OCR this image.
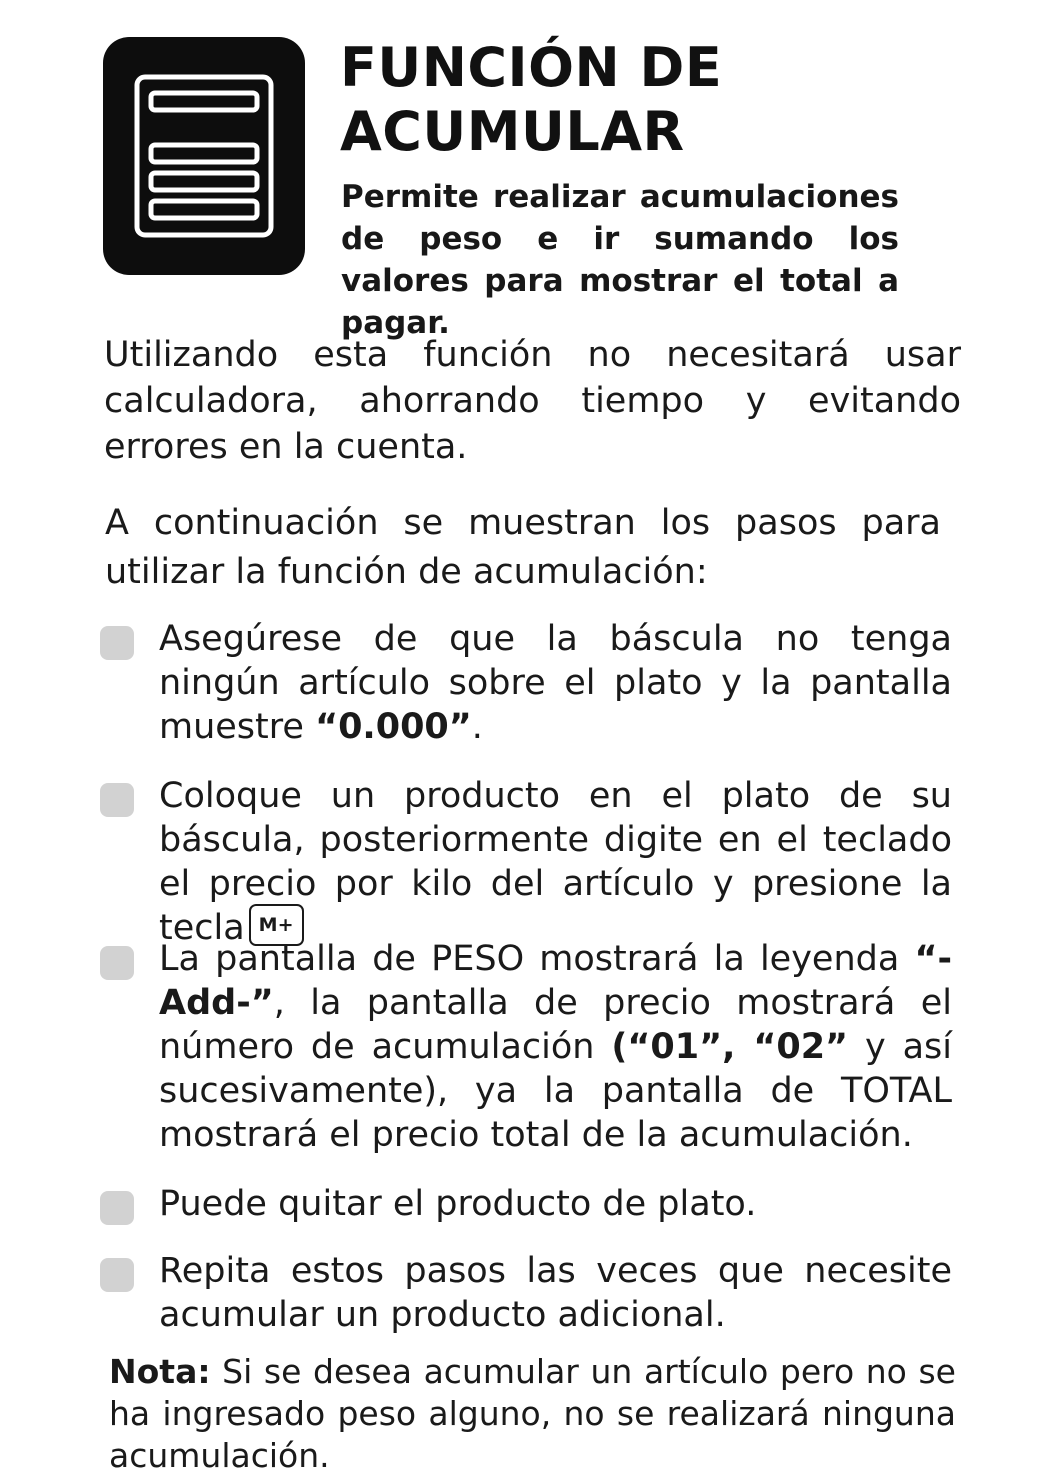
FUNCIÓN DE
ACUMULAR

Permite realizar acumulaciones de peso e ir sumando los valores para mostrar el total a pagar.

Utilizando esta función no necesitará usar calculadora, ahorrando tiempo y evitando errores en la cuenta.

A continuación se muestran los pasos para utilizar la función de acumulación:

Asegúrese de que la báscula no tenga ningún artículo sobre el plato y la pantalla muestre “0.000”.

Coloque un producto en el plato de su báscula, posteriormente digite en el teclado el precio por kilo del artículo y presione la tecla M+

La pantalla de PESO mostrará la leyenda “-Add-”, la pantalla de precio mostrará el número de acumulación (“01”, “02” y así sucesivamente), ya la pantalla de TOTAL mostrará el precio total de la acumulación.

Puede quitar el producto de plato.

Repita estos pasos las veces que necesite acumular un producto adicional.

Nota: Si se desea acumular un artículo pero no se ha ingresado peso alguno, no se realizará ninguna acumulación.
